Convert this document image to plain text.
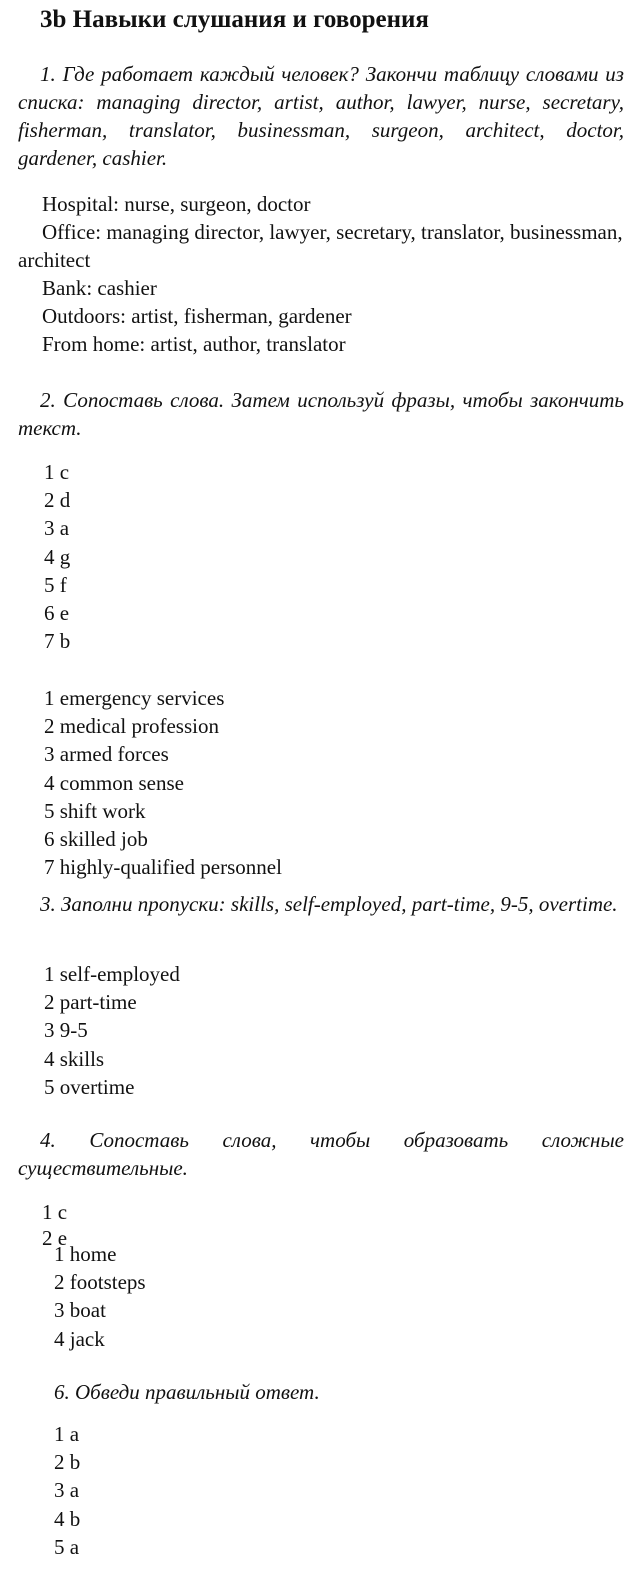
3b Навыки слушания и говорения

1. Где работает каждый человек? Закончи таблицу словами из списка: managing director, artist, author, lawyer, nurse, secretary, fisherman, translator, businessman, surgeon, architect, doctor, gardener, cashier.

Hospital: nurse, surgeon, doctor
Office: managing director, lawyer, secretary, translator, businessman, architect
Bank: cashier
Outdoors: artist, fisherman, gardener
From home: artist, author, translator

2. Сопоставь слова. Затем используй фразы, чтобы закончить текст.

1 c
2 d
3 a
4 g
5 f
6 e
7 b
1 emergency services
2 medical profession
3 armed forces
4 common sense
5 shift work
6 skilled job
7 highly-qualified personnel

3. Заполни пропуски: skills, self-employed, part-time, 9-5, overtime.

1 self-employed
2 part-time
3 9-5
4 skills
5 overtime

4. Сопоставь слова, чтобы образовать сложные существительные.

1 c
2 e
1 home
2 footsteps
3 boat
4 jack
6. Обведи правильный ответ.
1 a
2 b
3 a
4 b
5 a
